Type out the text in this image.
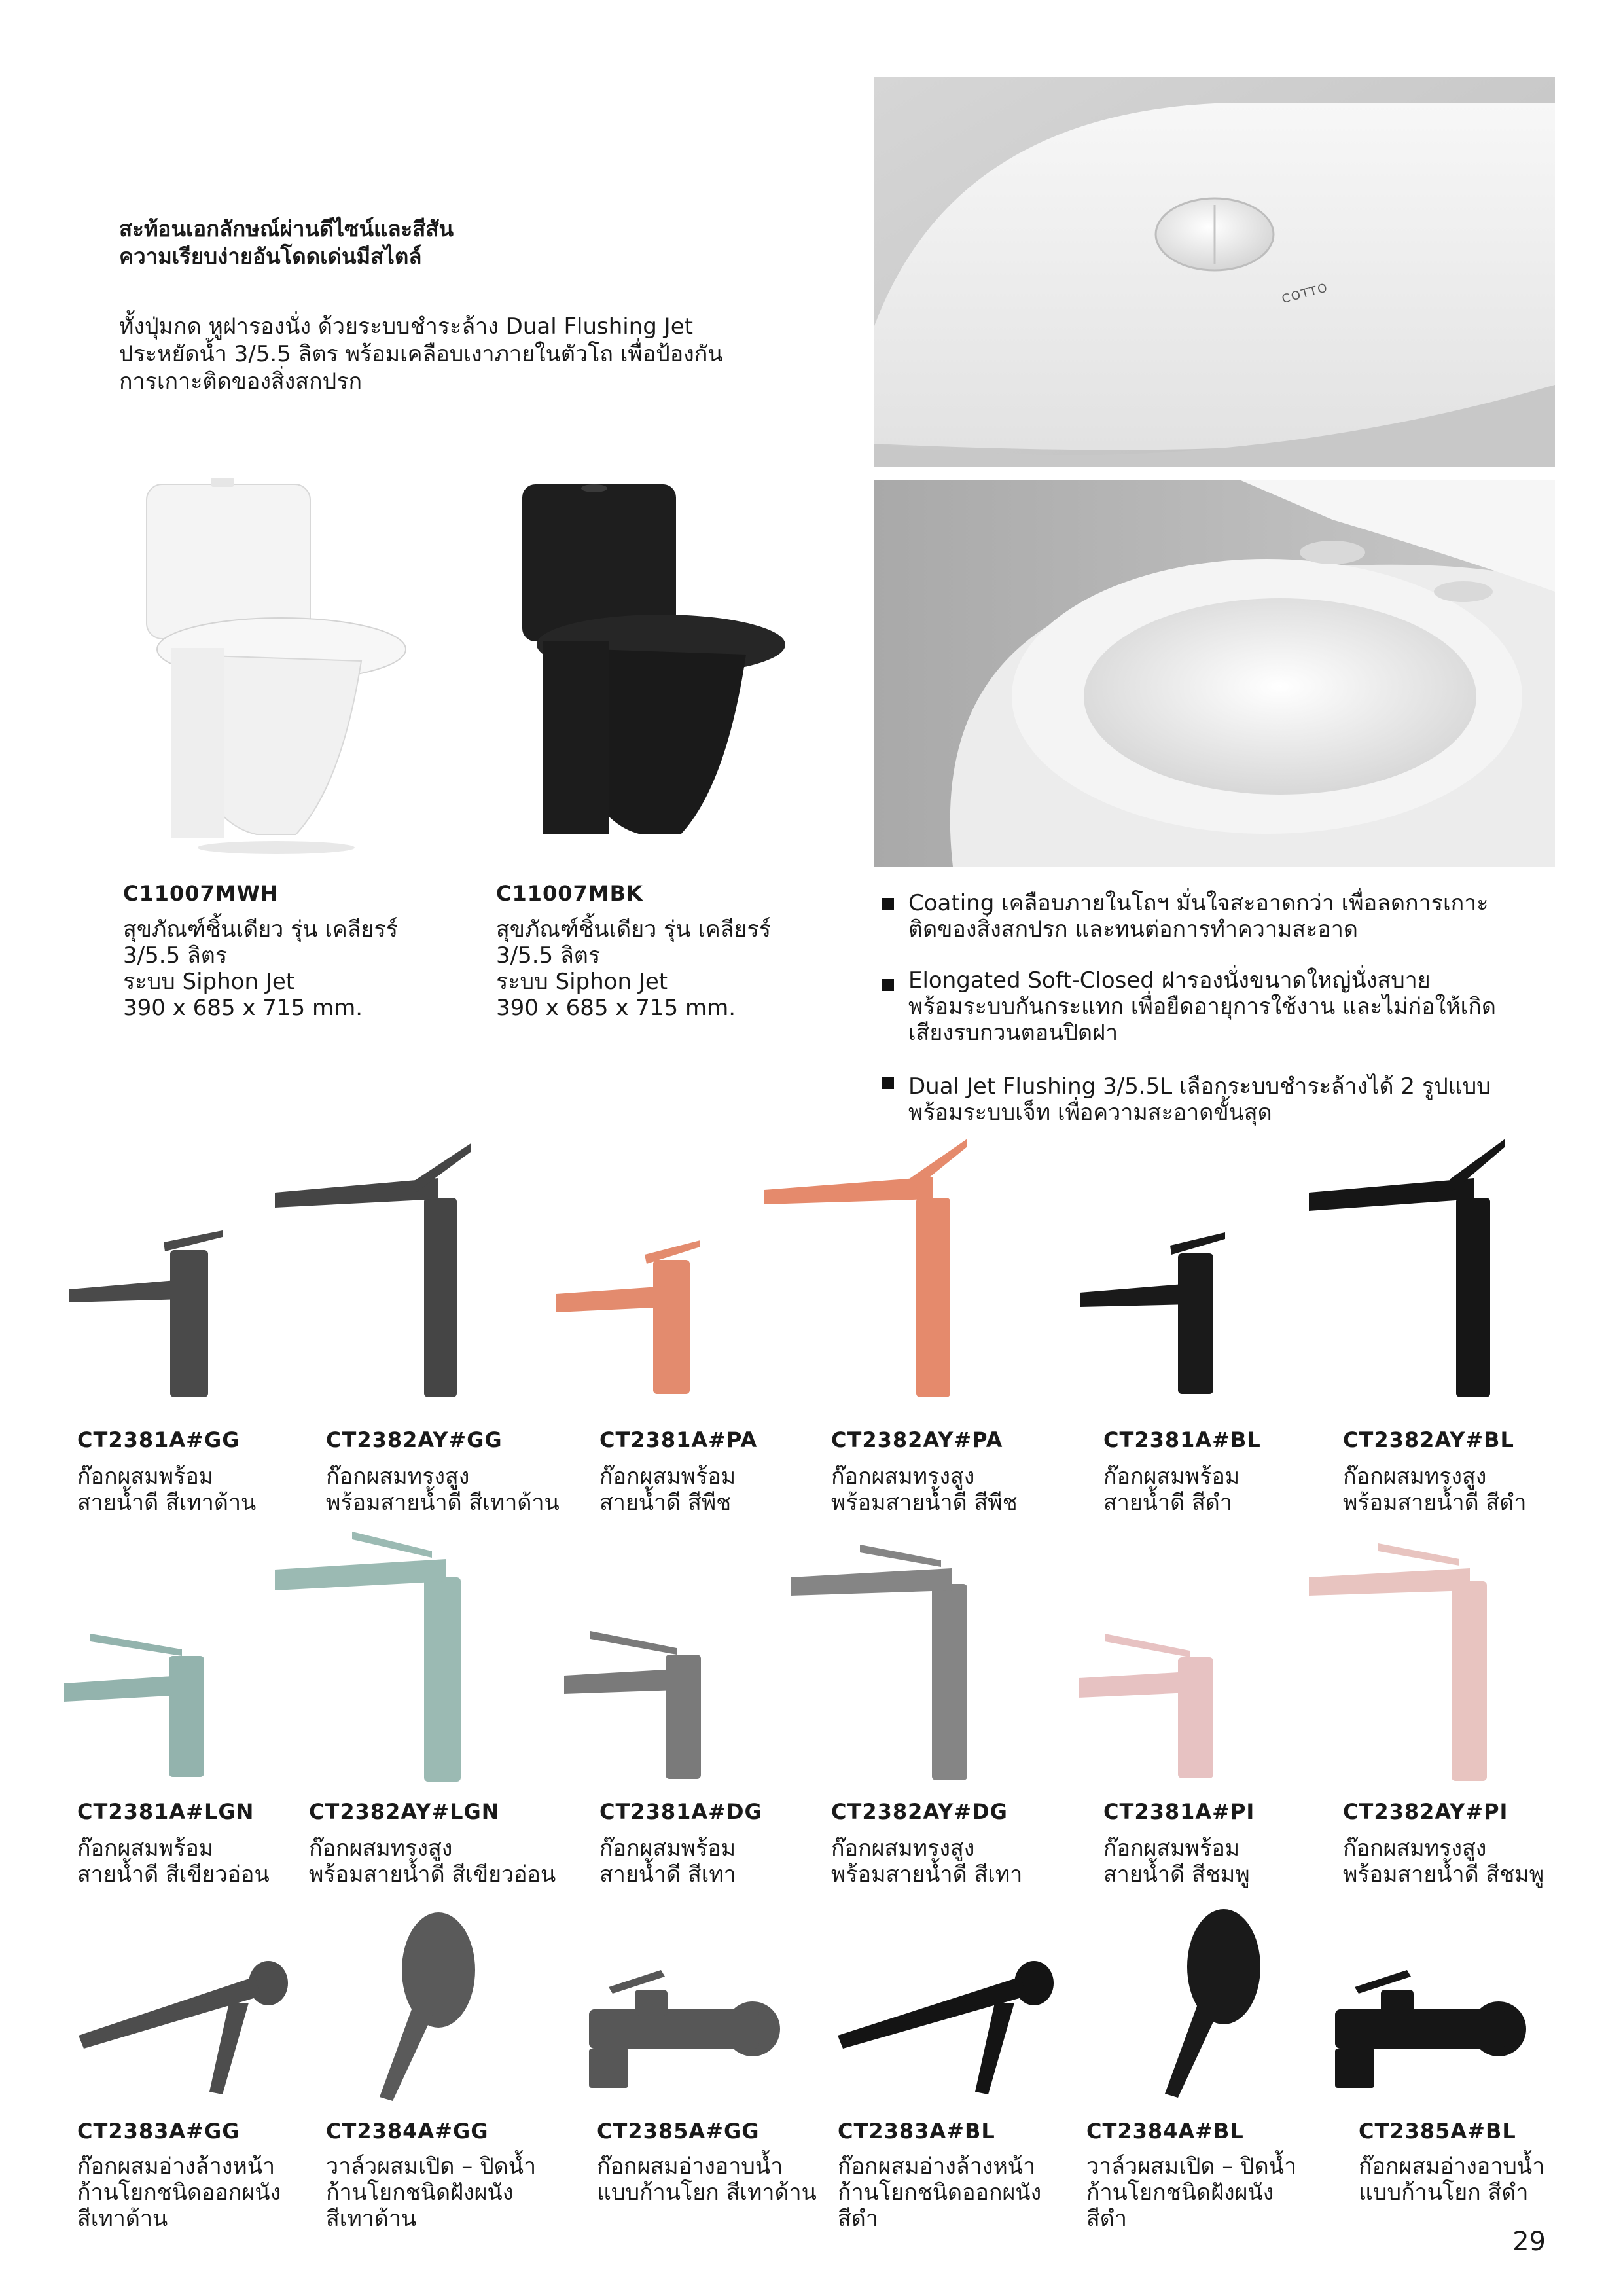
สะท้อนเอกลักษณ์ผ่านดีไซน์และสีสัน
ความเรียบง่ายอันโดดเด่นมีสไตล์
ทั้งปุ่มกด หูฝารองนั่ง ด้วยระบบชำระล้าง Dual Flushing Jet
ประหยัดน้ำ 3/5.5 ลิตร พร้อมเคลือบเงาภายในตัวโถ เพื่อป้องกัน
การเกาะติดของสิ่งสกปรก
COTTO
C11007MWH
สุขภัณฑ์ชิ้นเดียว รุ่น เคลียรร์
3/5.5 ลิตร
ระบบ Siphon Jet
390 x 685 x 715 mm.
C11007MBK
สุขภัณฑ์ชิ้นเดียว รุ่น เคลียรร์
3/5.5 ลิตร
ระบบ Siphon Jet
390 x 685 x 715 mm.
Coating เคลือบภายในโถฯ มั่นใจสะอาดกว่า เพื่อลดการเกาะ
ติดของสิ่งสกปรก และทนต่อการทำความสะอาด
Elongated Soft-Closed ฝารองนั่งขนาดใหญ่นั่งสบาย
พร้อมระบบกันกระแทก เพื่อยืดอายุการใช้งาน และไม่ก่อให้เกิด
เสียงรบกวนตอนปิดฝา
Dual Jet Flushing 3/5.5L เลือกระบบชำระล้างได้ 2 รูปแบบ
พร้อมระบบเจ็ท เพื่อความสะอาดขั้นสุด
CT2381A#GG
ก๊อกผสมพร้อม
สายน้ำดี สีเทาด้าน
CT2382AY#GG
ก๊อกผสมทรงสูง
พร้อมสายน้ำดี สีเทาด้าน
CT2381A#PA
ก๊อกผสมพร้อม
สายน้ำดี สีพีช
CT2382AY#PA
ก๊อกผสมทรงสูง
พร้อมสายน้ำดี สีพีช
CT2381A#BL
ก๊อกผสมพร้อม
สายน้ำดี สีดำ
CT2382AY#BL
ก๊อกผสมทรงสูง
พร้อมสายน้ำดี สีดำ
CT2381A#LGN
ก๊อกผสมพร้อม
สายน้ำดี สีเขียวอ่อน
CT2382AY#LGN
ก๊อกผสมทรงสูง
พร้อมสายน้ำดี สีเขียวอ่อน
CT2381A#DG
ก๊อกผสมพร้อม
สายน้ำดี สีเทา
CT2382AY#DG
ก๊อกผสมทรงสูง
พร้อมสายน้ำดี สีเทา
CT2381A#PI
ก๊อกผสมพร้อม
สายน้ำดี สีชมพู
CT2382AY#PI
ก๊อกผสมทรงสูง
พร้อมสายน้ำดี สีชมพู
CT2383A#GG
ก๊อกผสมอ่างล้างหน้า
ก้านโยกชนิดออกผนัง
สีเทาด้าน
CT2384A#GG
วาล์วผสมเปิด – ปิดน้ำ
ก้านโยกชนิดฝังผนัง
สีเทาด้าน
CT2385A#GG
ก๊อกผสมอ่างอาบน้ำ
แบบก้านโยก สีเทาด้าน
CT2383A#BL
ก๊อกผสมอ่างล้างหน้า
ก้านโยกชนิดออกผนัง
สีดำ
CT2384A#BL
วาล์วผสมเปิด – ปิดน้ำ
ก้านโยกชนิดฝังผนัง
สีดำ
CT2385A#BL
ก๊อกผสมอ่างอาบน้ำ
แบบก้านโยก สีดำ
29
